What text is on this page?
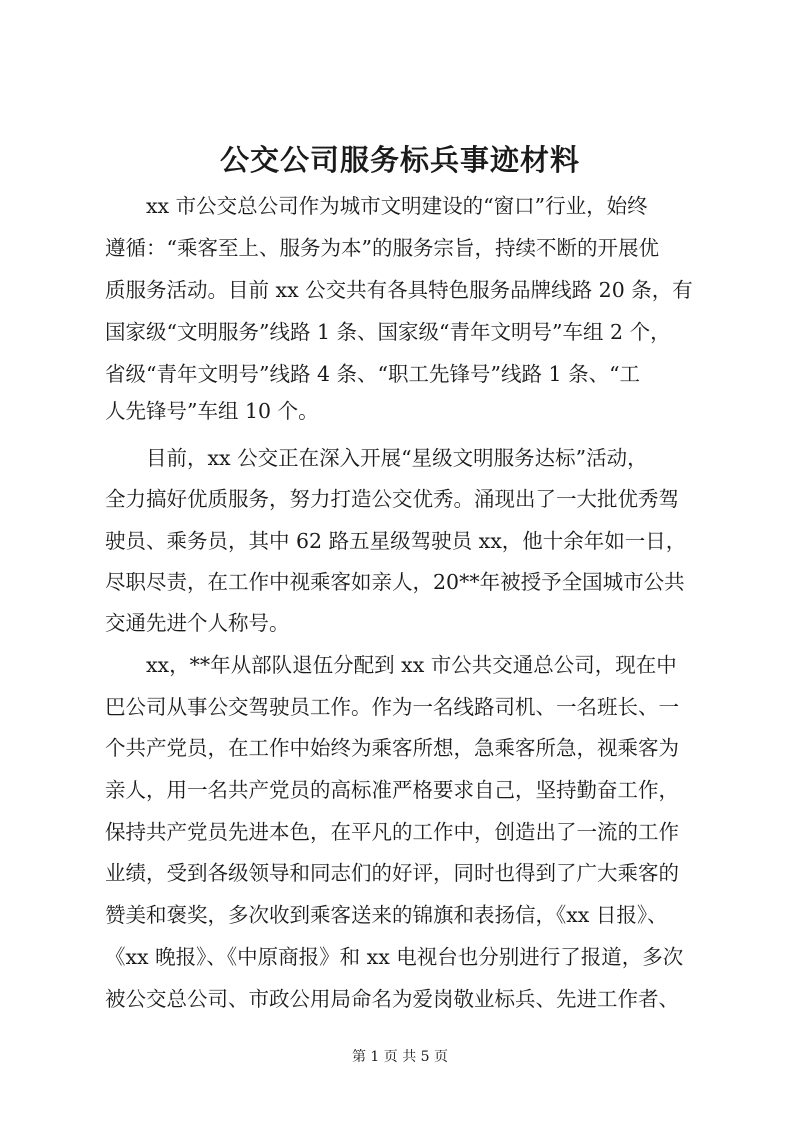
公交公司服务标兵事迹材料
　　xx 市公交总公司作为城市文明建设的“窗口”行业，始终
遵循：“乘客至上、服务为本”的服务宗旨，持续不断的开展优
质服务活动。目前 xx 公交共有各具特色服务品牌线路 20 条，有
国家级“文明服务”线路 1 条、国家级“青年文明号”车组 2 个，
省级“青年文明号”线路 4 条、“职工先锋号”线路 1 条、“工
人先锋号”车组 10 个。
　　目前，xx 公交正在深入开展“星级文明服务达标”活动，
全力搞好优质服务，努力打造公交优秀。涌现出了一大批优秀驾
驶员、乘务员，其中 62 路五星级驾驶员 xx，他十余年如一日，
尽职尽责，在工作中视乘客如亲人，20**年被授予全国城市公共
交通先进个人称号。
　　xx，**年从部队退伍分配到 xx 市公共交通总公司，现在中
巴公司从事公交驾驶员工作。作为一名线路司机、一名班长、一
个共产党员，在工作中始终为乘客所想，急乘客所急，视乘客为
亲人，用一名共产党员的高标准严格要求自己，坚持勤奋工作，
保持共产党员先进本色，在平凡的工作中，创造出了一流的工作
业绩，受到各级领导和同志们的好评，同时也得到了广大乘客的
赞美和褒奖，多次收到乘客送来的锦旗和表扬信，《xx 日报》、
《xx 晚报》、《中原商报》和 xx 电视台也分别进行了报道，多次
被公交总公司、市政公用局命名为爱岗敬业标兵、先进工作者、
第 1 页 共 5 页
